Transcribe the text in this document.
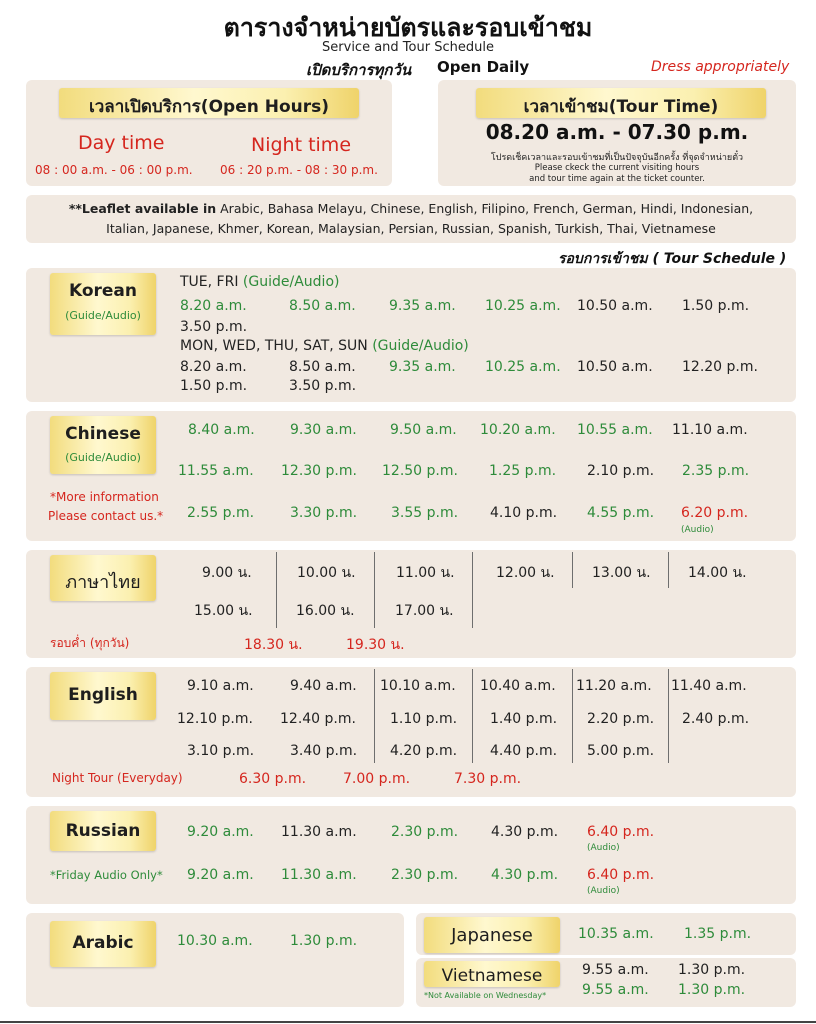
ตารางจำหน่ายบัตรและรอบเข้าชม
Service and Tour Schedule
เปิดบริการทุกวัน Open Daily	Dress appropriately
เวลาเปิดบริการ(Open Hours)
Day time	Night time
08 : 00 a.m. - 06 : 00 p.m. 06 : 20 p.m. - 08 : 30 p.m.
เวลาเข้าชม(Tour Time)
08.20 a.m. - 07.30 p.m.
โปรดเช็คเวลาและรอบเข้าชมที่เป็นปัจจุบันอีกครั้ง ที่จุดจำหน่ายตั๋ว
Please ckeck the current visiting hours
and tour time again at the ticket counter.
**Leaflet available in Arabic, Bahasa Melayu, Chinese, English, Filipino, French, German, Hindi, Indonesian,
Italian, Japanese, Khmer, Korean, Malaysian, Persian, Russian, Spanish, Turkish, Thai, Vietnamese
รอบการเข้าชม ( Tour Schedule )
Korean
(Guide/Audio)
TUE, FRI (Guide/Audio)
8.20 a.m.	8.50 a.m. 9.35 a.m. 10.25 a.m. 10.50 a.m. 1.50 p.m.
3.50 p.m.
MON, WED, THU, SAT, SUN (Guide/Audio)
8.20 a.m.	8.50 a.m. 9.35 a.m. 10.25 a.m. 10.50 a.m. 12.20 p.m.
1.50 p.m.	3.50 p.m.
Chinese
(Guide/Audio)
*More information
Please contact us.*
8.40 a.m.	9.30 a.m. 9.50 a.m. 10.20 a.m. 10.55 a.m. 11.10 a.m.
11.55 a.m. 12.30 p.m. 12.50 p.m. 1.25 p.m. 2.10 p.m. 2.35 p.m.
2.55 p.m.	3.30 p.m. 3.55 p.m. 4.10 p.m. 4.55 p.m. 6.20 p.m.
(Audio)
ภาษาไทย	9.00 น.	10.00 น.	11.00 น.	12.00 น.	13.00 น.	14.00 น.
15.00 น.	16.00 น.	17.00 น.
รอบค่ำ (ทุกวัน)	18.30 น.	19.30 น.
English	9.10 a.m.	9.40 a.m. 10.10 a.m. 10.40 a.m. 11.20 a.m. 11.40 a.m.
12.10 p.m. 12.40 p.m. 1.10 p.m. 1.40 p.m. 2.20 p.m. 2.40 p.m.
3.10 p.m.	3.40 p.m. 4.20 p.m. 4.40 p.m. 5.00 p.m.
Night Tour (Everyday)	6.30 p.m.	7.00 p.m.	7.30 p.m.
Russian	9.20 a.m. 11.30 a.m. 2.30 p.m. 4.30 p.m. 6.40 p.m.
(Audio)
*Friday Audio Only* 9.20 a.m. 11.30 a.m. 2.30 p.m. 4.30 p.m. 6.40 p.m.
(Audio)
Arabic	10.30 a.m.	1.30 p.m.	Japanese	10.35 a.m. 1.35 p.m.
Vietnamese
*Not Available on Wednesday*
9.55 a.m. 1.30 p.m.
9.55 a.m. 1.30 p.m.
